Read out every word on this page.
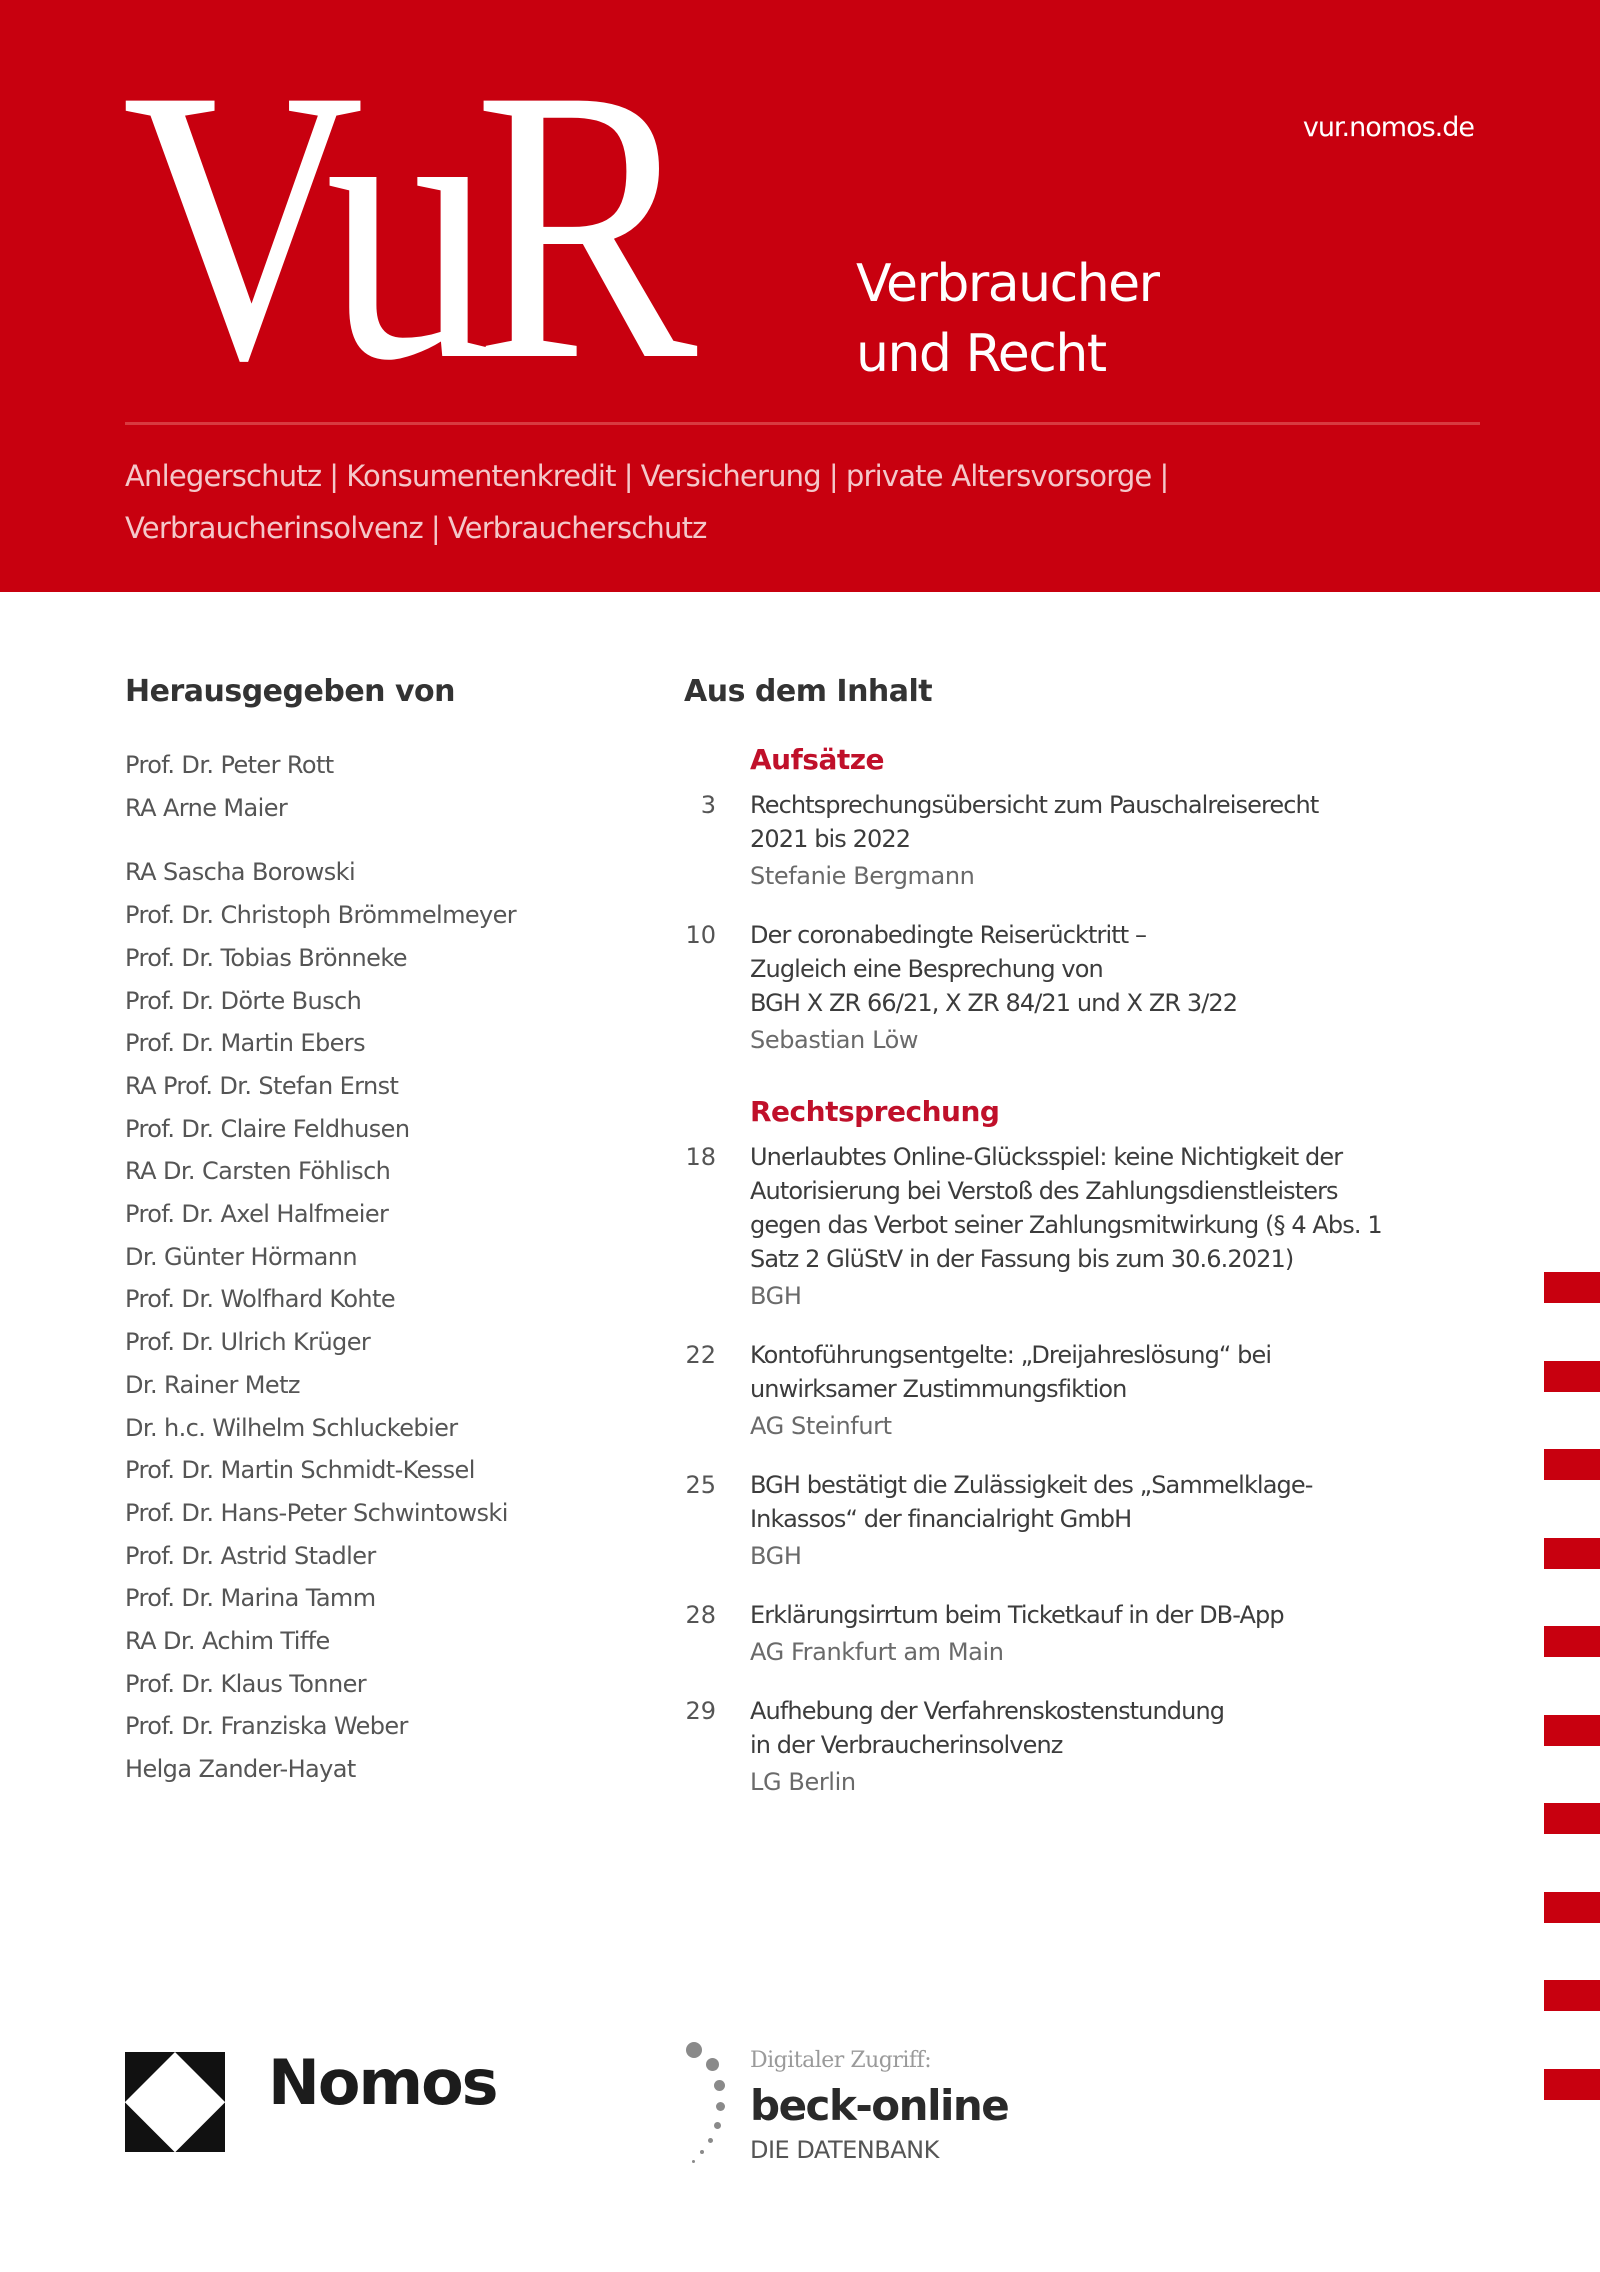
VuR	Verbraucher
und Recht
vur.nomos.de
Anlegerschutz | Konsumentenkredit | Versicherung | private Altersvorsorge |
Verbraucherinsolvenz | Verbraucherschutz
Herausgegeben von
Prof. Dr. Peter Rott
RA Arne Maier
RA Sascha Borowski
Prof. Dr. Christoph Brömmelmeyer
Prof. Dr. Tobias Brönneke
Prof. Dr. Dörte Busch
Prof. Dr. Martin Ebers
RA Prof. Dr. Stefan Ernst
Prof. Dr. Claire Feldhusen
RA Dr. Carsten Föhlisch
Prof. Dr. Axel Halfmeier
Dr. Günter Hörmann
Prof. Dr. Wolfhard Kohte
Prof. Dr. Ulrich Krüger
Dr. Rainer Metz
Dr. h.c. Wilhelm Schluckebier
Prof. Dr. Martin Schmidt-Kessel
Prof. Dr. Hans-Peter Schwintowski
Prof. Dr. Astrid Stadler
Prof. Dr. Marina Tamm
RA Dr. Achim Tiffe
Prof. Dr. Klaus Tonner
Prof. Dr. Franziska Weber
Helga Zander-Hayat
Aus dem Inhalt
Aufsätze
3 Rechtsprechungsübersicht zum Pauschalreiserecht
2021 bis 2022
Stefanie Bergmann
10 Der coronabedingte Reiserücktritt –
Zugleich eine Besprechung von
BGH X ZR 66/21, X ZR 84/21 und X ZR 3/22
Sebastian Löw
Rechtsprechung
18 Unerlaubtes Online-Glücksspiel: keine Nichtigkeit der
Autorisierung bei Verstoß des Zahlungsdienstleisters
gegen das Verbot seiner Zahlungsmitwirkung (§ 4 Abs. 1
Satz 2 GlüStV in der Fassung bis zum 30.6.2021)
BGH
22 Kontoführungsentgelte: „Dreijahreslösung“ bei
unwirksamer Zustimmungsfiktion
AG Steinfurt
25 BGH bestätigt die Zulässigkeit des „Sammelklage-
Inkassos“ der financialright GmbH
BGH
28 Erklärungsirrtum beim Ticketkauf in der DB-App
AG Frankfurt am Main
29 Aufhebung der Verfahrenskostenstundung
in der Verbraucherinsolvenz
LG Berlin
Nomos	Digitaler Zugriff:
beck-online
DIE DATENBANK
